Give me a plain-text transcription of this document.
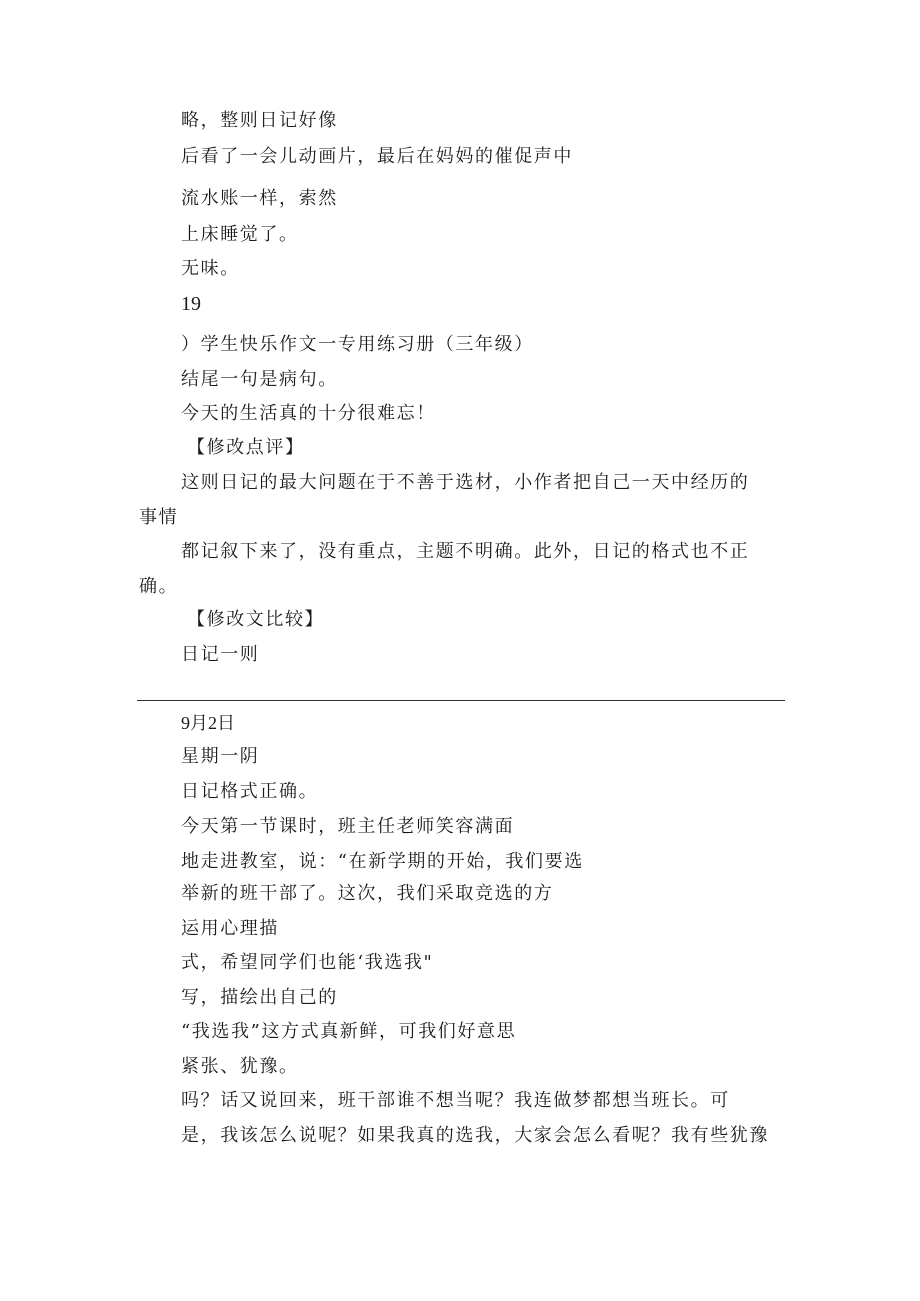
略，整则日记好像
后看了一会儿动画片，最后在妈妈的催促声中
流水账一样，索然
上床睡觉了。
无味。
19
）学生快乐作文一专用练习册（三年级）
结尾一句是病句。
今天的生活真的十分很难忘！
【修改点评】
这则日记的最大问题在于不善于选材，小作者把自己一天中经历的
事情
都记叙下来了，没有重点，主题不明确。此外，日记的格式也不正
确。
【修改文比较】
日记一则
9月2日
星期一阴
日记格式正确。
今天第一节课时，班主任老师笑容满面
地走进教室，说：“在新学期的开始，我们要选
举新的班干部了。这次，我们采取竞选的方
运用心理描
式，希望同学们也能‘我选我"
写，描绘出自己的
“我选我”这方式真新鲜，可我们好意思
紧张、犹豫。
吗？话又说回来，班干部谁不想当呢？我连做梦都想当班长。可
是，我该怎么说呢？如果我真的选我，大家会怎么看呢？我有些犹豫
